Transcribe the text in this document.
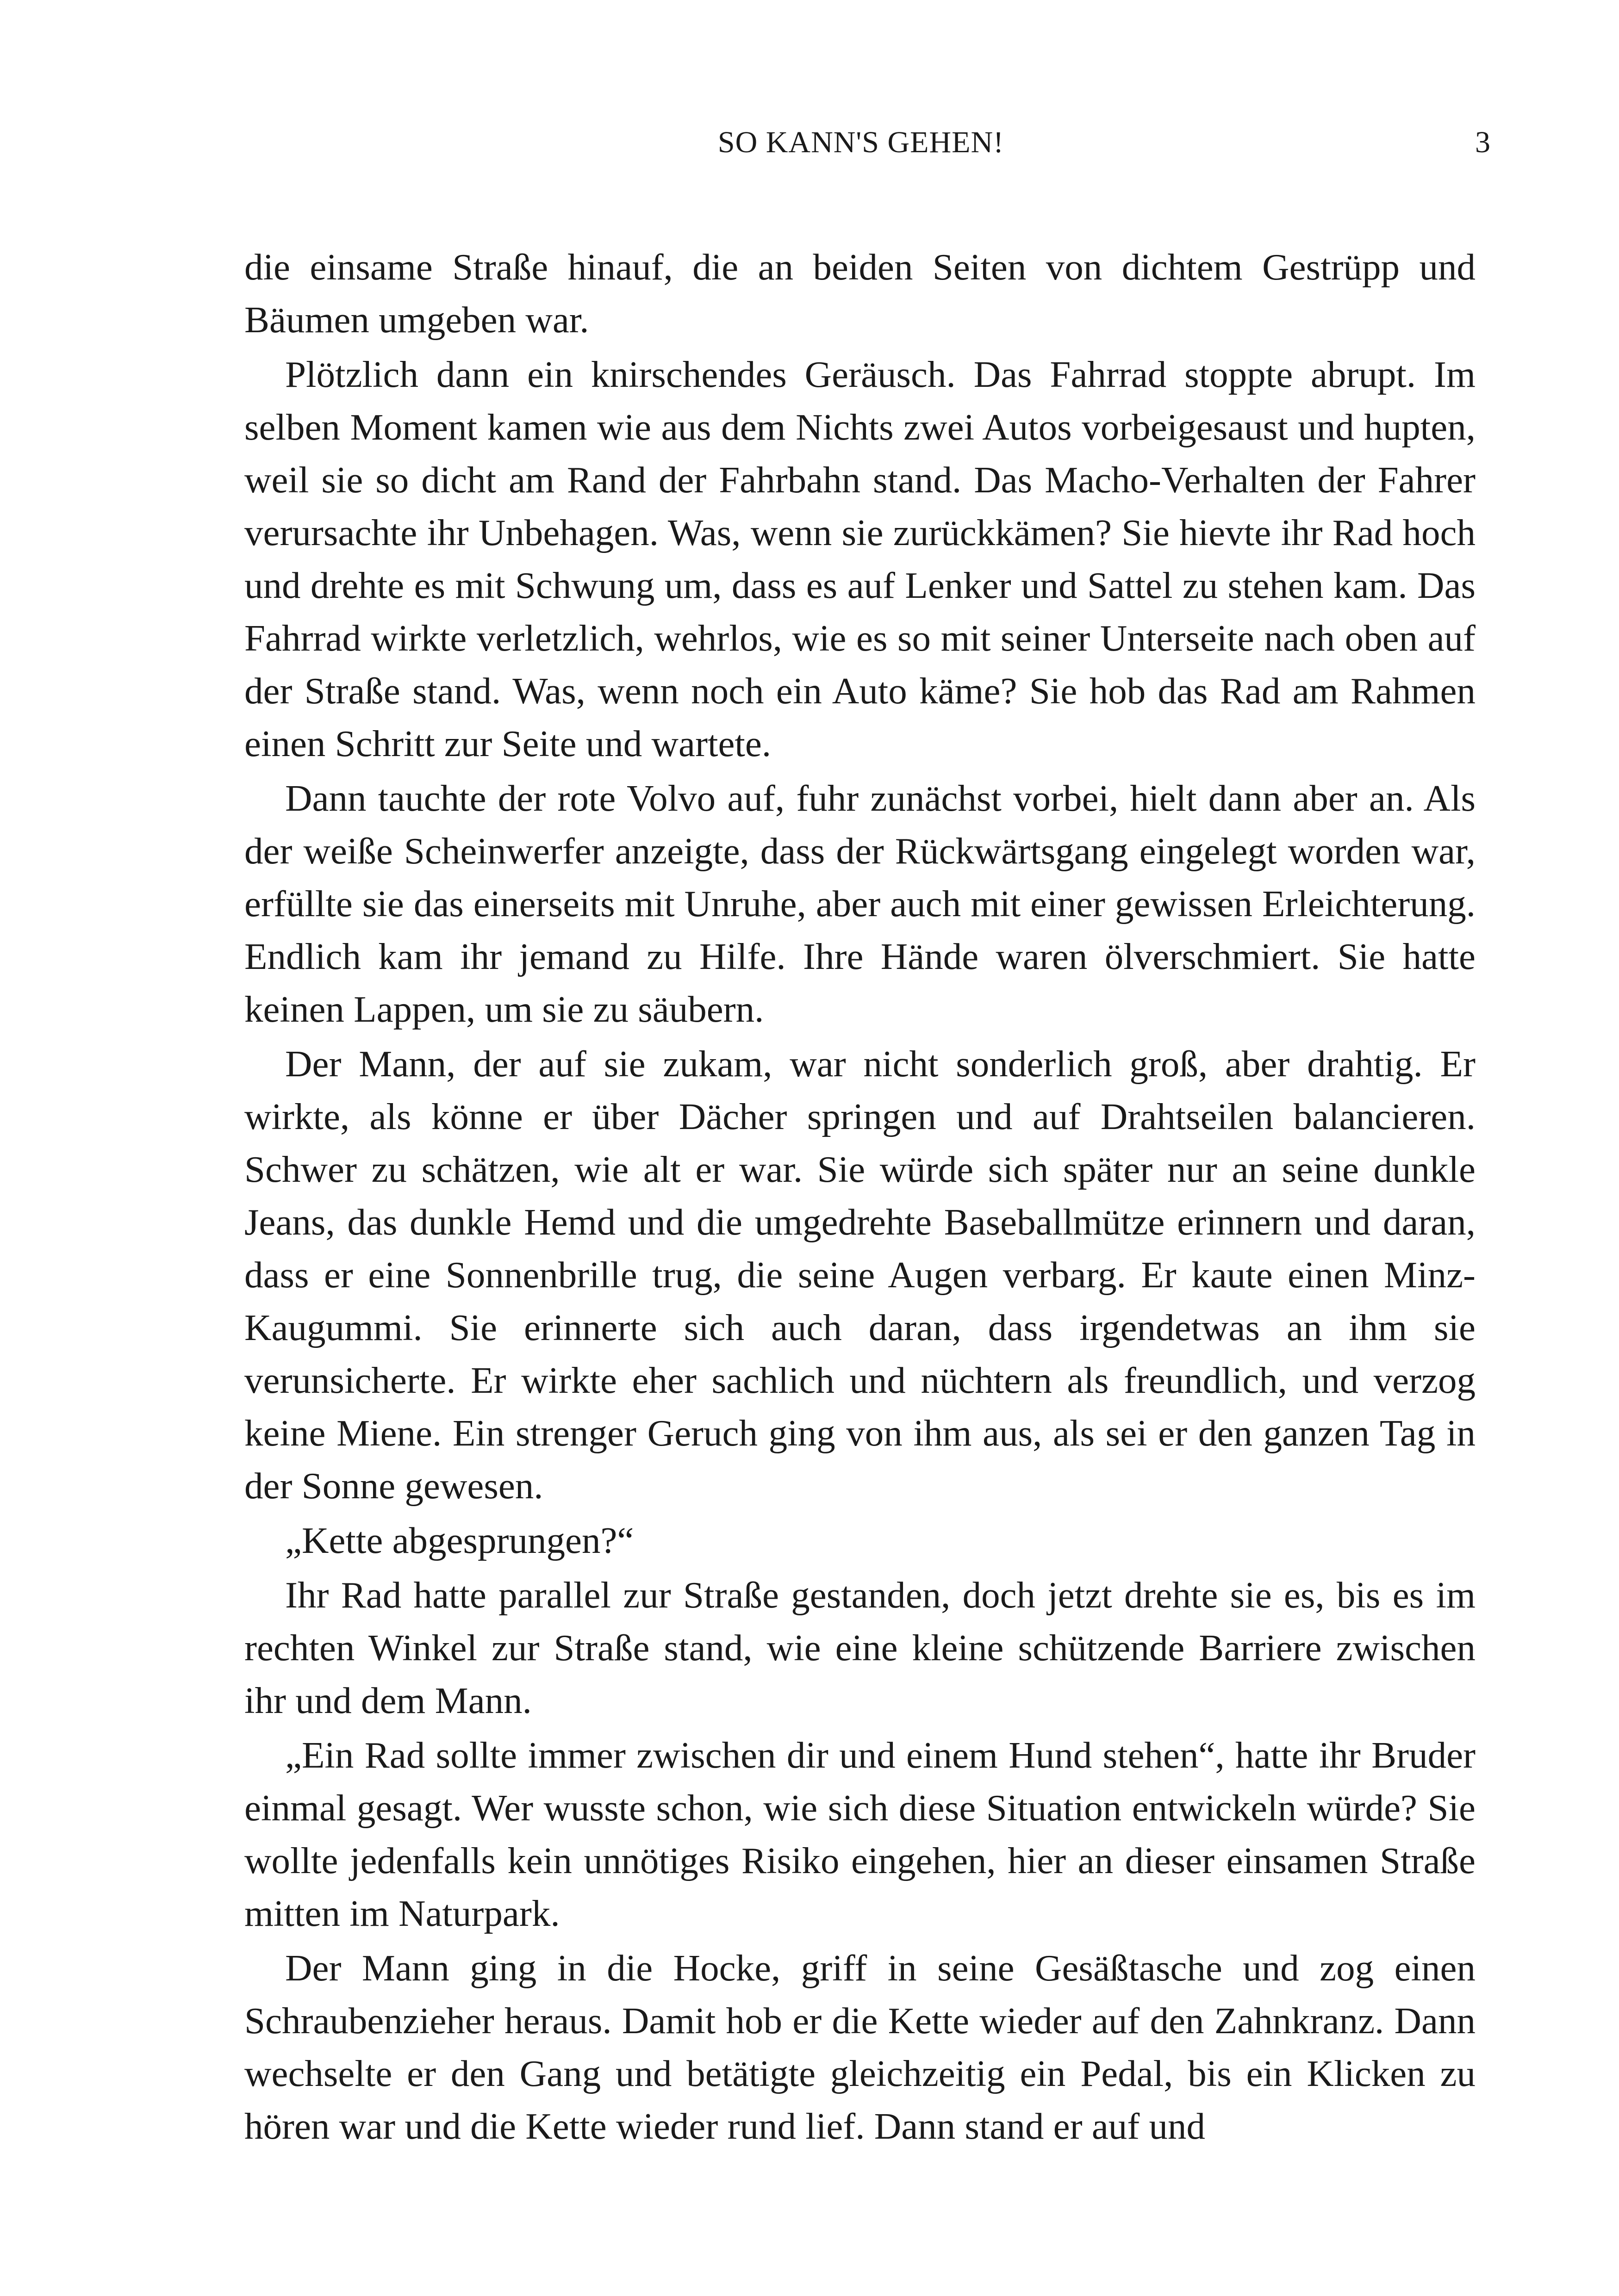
SO KANN'S GEHEN!	3

die einsame Straße hinauf, die an beiden Seiten von dichtem Gestrüpp und Bäumen umgeben war.

Plötzlich dann ein knirschendes Geräusch. Das Fahrrad stoppte abrupt. Im selben Moment kamen wie aus dem Nichts zwei Autos vorbeigesaust und hupten, weil sie so dicht am Rand der Fahrbahn stand. Das Macho-Verhalten der Fahrer verursachte ihr Unbehagen. Was, wenn sie zurückkämen? Sie hievte ihr Rad hoch und drehte es mit Schwung um, dass es auf Lenker und Sattel zu stehen kam. Das Fahrrad wirkte verletzlich, wehrlos, wie es so mit seiner Unterseite nach oben auf der Straße stand. Was, wenn noch ein Auto käme? Sie hob das Rad am Rahmen einen Schritt zur Seite und wartete.

Dann tauchte der rote Volvo auf, fuhr zunächst vorbei, hielt dann aber an. Als der weiße Scheinwerfer anzeigte, dass der Rückwärtsgang eingelegt worden war, erfüllte sie das einerseits mit Unruhe, aber auch mit einer gewissen Erleichterung. Endlich kam ihr jemand zu Hilfe. Ihre Hände waren ölverschmiert. Sie hatte keinen Lappen, um sie zu säubern.

Der Mann, der auf sie zukam, war nicht sonderlich groß, aber drahtig. Er wirkte, als könne er über Dächer springen und auf Drahtseilen balancieren. Schwer zu schätzen, wie alt er war. Sie würde sich später nur an seine dunkle Jeans, das dunkle Hemd und die umgedrehte Baseballmütze erinnern und daran, dass er eine Sonnenbrille trug, die seine Augen verbarg. Er kaute einen Minz-Kaugummi. Sie erinnerte sich auch daran, dass irgendetwas an ihm sie verunsicherte. Er wirkte eher sachlich und nüchtern als freundlich, und verzog keine Miene. Ein strenger Geruch ging von ihm aus, als sei er den ganzen Tag in der Sonne gewesen.

„Kette abgesprungen?“

Ihr Rad hatte parallel zur Straße gestanden, doch jetzt drehte sie es, bis es im rechten Winkel zur Straße stand, wie eine kleine schützende Barriere zwischen ihr und dem Mann.

„Ein Rad sollte immer zwischen dir und einem Hund stehen“, hatte ihr Bruder einmal gesagt. Wer wusste schon, wie sich diese Situation entwickeln würde? Sie wollte jedenfalls kein unnötiges Risiko eingehen, hier an dieser einsamen Straße mitten im Naturpark.

Der Mann ging in die Hocke, griff in seine Gesäßtasche und zog einen Schraubenzieher heraus. Damit hob er die Kette wieder auf den Zahnkranz. Dann wechselte er den Gang und betätigte gleichzeitig ein Pedal, bis ein Klicken zu hören war und die Kette wieder rund lief. Dann stand er auf und
